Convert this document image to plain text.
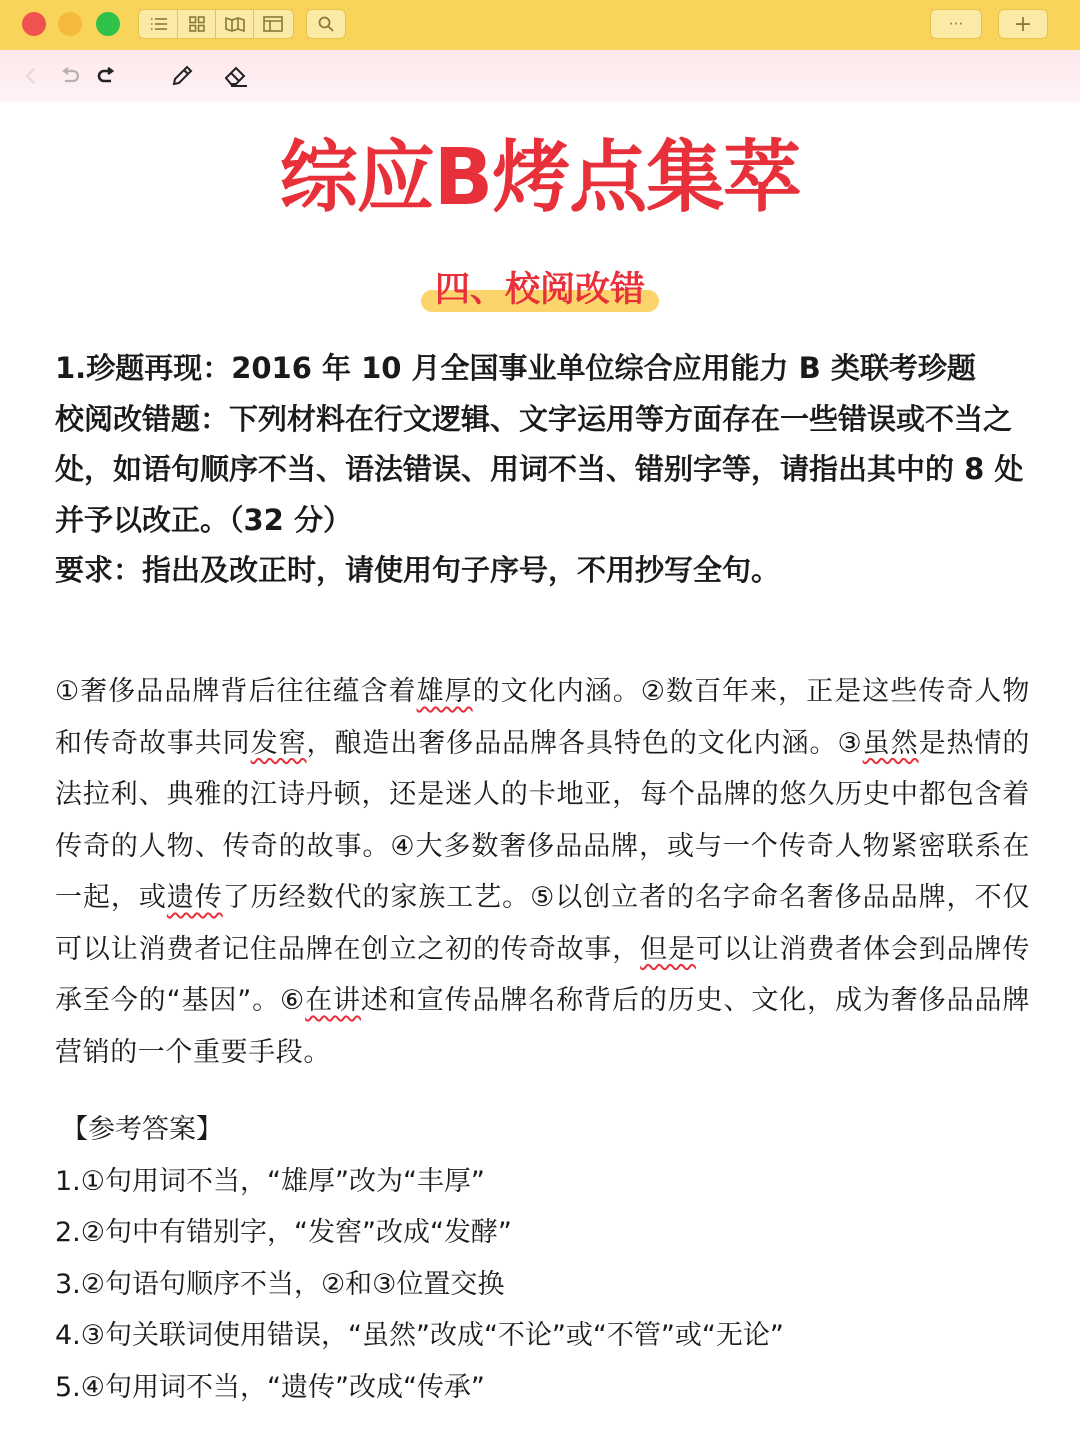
··· +
综应B烤点集萃
四、校阅改错

1.珍题再现：2016 年 10 月全国事业单位综合应用能力 B 类联考珍题

校阅改错题：下列材料在行文逻辑、文字运用等方面存在一些错误或不当之处，如语句顺序不当、语法错误、用词不当、错别字等，请指出其中的 8 处并予以改正。（32 分）

要求：指出及改正时，请使用句子序号，不用抄写全句。

①奢侈品品牌背后往往蕴含着雄厚的文化内涵。②数百年来，正是这些传奇人物和传奇故事共同发窖，酿造出奢侈品品牌各具特色的文化内涵。③虽然是热情的法拉利、典雅的江诗丹顿，还是迷人的卡地亚，每个品牌的悠久历史中都包含着传奇的人物、传奇的故事。④大多数奢侈品品牌，或与一个传奇人物紧密联系在一起，或遗传了历经数代的家族工艺。⑤以创立者的名字命名奢侈品品牌，不仅可以让消费者记住品牌在创立之初的传奇故事，但是可以让消费者体会到品牌传承至今的“基因”。⑥在讲述和宣传品牌名称背后的历史、文化，成为奢侈品品牌营销的一个重要手段。

【参考答案】
1.①句用词不当，“雄厚”改为“丰厚”
2.②句中有错别字，“发窖”改成“发酵”
3.②句语句顺序不当，②和③位置交换
4.③句关联词使用错误，“虽然”改成“不论”或“不管”或“无论”
5.④句用词不当，“遗传”改成“传承”
